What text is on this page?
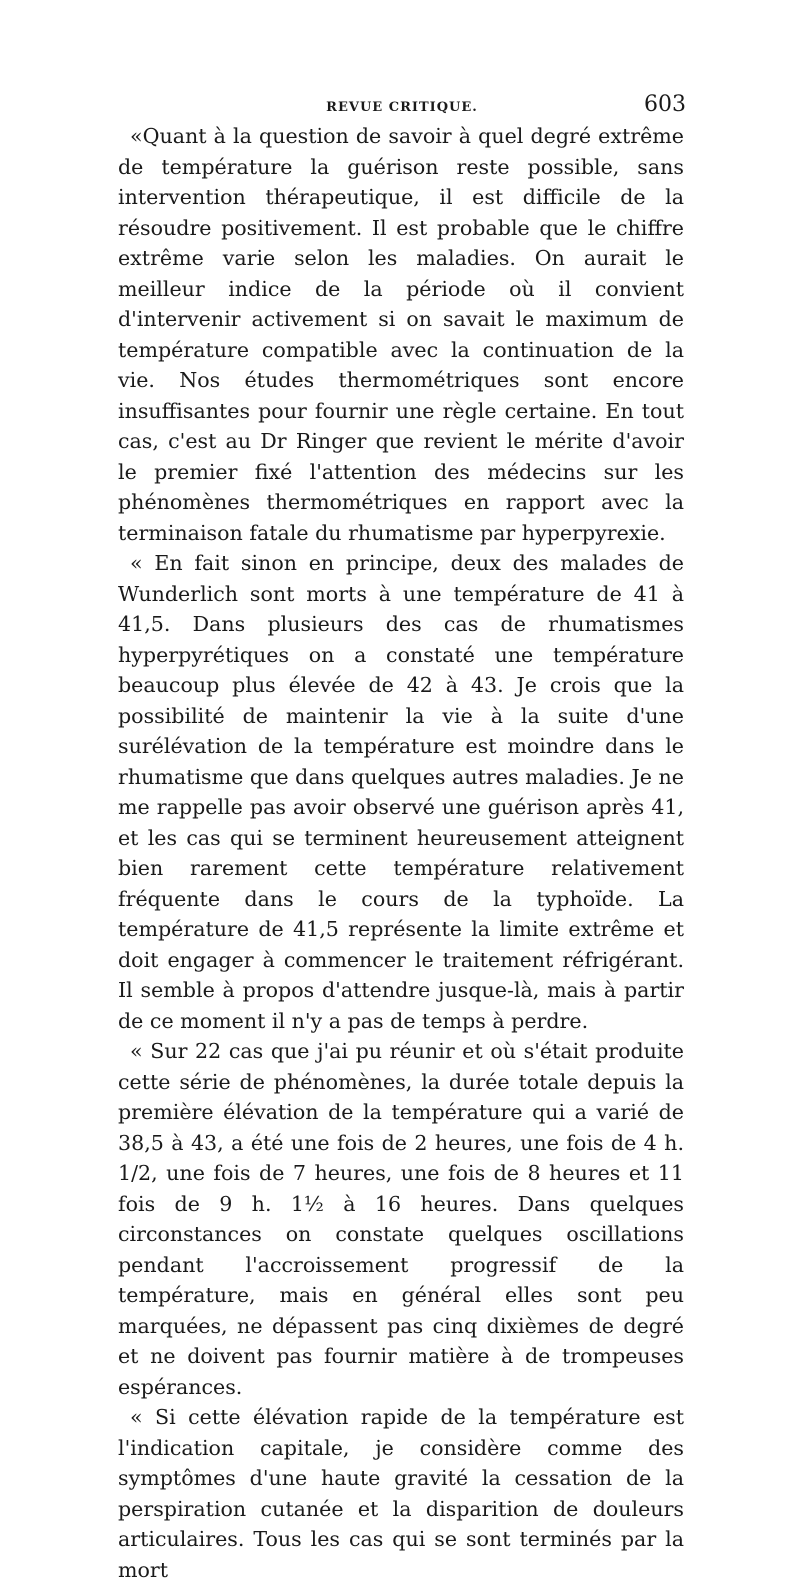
REVUE CRITIQUE.	603

«Quant à la question de savoir à quel degré extrême de température la guérison reste possible, sans intervention thérapeutique, il est difficile de la résoudre positivement. Il est probable que le chiffre extrême varie selon les maladies. On aurait le meilleur indice de la période où il convient d'intervenir activement si on savait le maximum de température compatible avec la continuation de la vie. Nos études thermométriques sont encore insuffisantes pour fournir une règle certaine. En tout cas, c'est au Dr Ringer que revient le mérite d'avoir le premier fixé l'attention des médecins sur les phénomènes thermométriques en rapport avec la terminaison fatale du rhumatisme par hyperpyrexie.

« En fait sinon en principe, deux des malades de Wunderlich sont morts à une température de 41 à 41,5. Dans plusieurs des cas de rhumatismes hyperpyrétiques on a constaté une température beaucoup plus élevée de 42 à 43. Je crois que la possibilité de maintenir la vie à la suite d'une surélévation de la température est moindre dans le rhumatisme que dans quelques autres maladies. Je ne me rappelle pas avoir observé une guérison après 41, et les cas qui se terminent heureusement atteignent bien rarement cette température relativement fréquente dans le cours de la typhoïde. La température de 41,5 représente la limite extrême et doit engager à commencer le traitement réfrigérant. Il semble à propos d'attendre jusque-là, mais à partir de ce moment il n'y a pas de temps à perdre.

« Sur 22 cas que j'ai pu réunir et où s'était produite cette série de phénomènes, la durée totale depuis la première élévation de la température qui a varié de 38,5 à 43, a été une fois de 2 heures, une fois de 4 h. 1/2, une fois de 7 heures, une fois de 8 heures et 11 fois de 9 h. 1½ à 16 heures. Dans quelques circonstances on constate quelques oscillations pendant l'accroissement progressif de la température, mais en général elles sont peu marquées, ne dépassent pas cinq dixièmes de degré et ne doivent pas fournir matière à de trompeuses espérances.

« Si cette élévation rapide de la température est l'indication capitale, je considère comme des symptômes d'une haute gravité la cessation de la perspiration cutanée et la disparition de douleurs articulaires. Tous les cas qui se sont terminés par la mort
